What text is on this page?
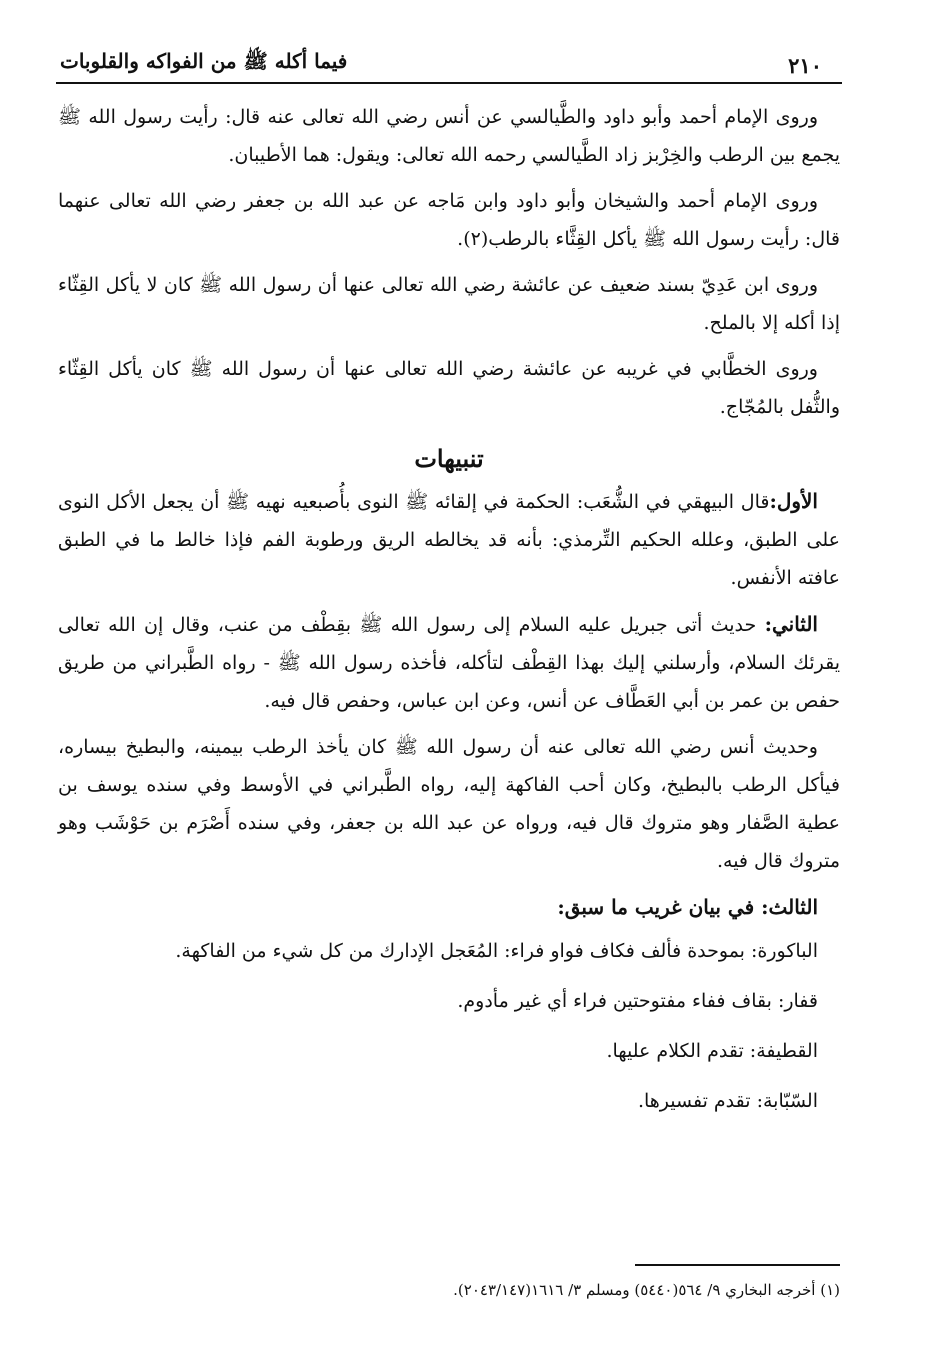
٢١٠
فيما أكله ﷺ من الفواكه والقلوبات

وروى الإمام أحمد وأبو داود والطَّيالسي عن أنس رضي الله تعالى عنه قال: رأيت رسول الله ﷺ يجمع بين الرطب والخِرْبز زاد الطَّيالسي رحمه الله تعالى: ويقول: هما الأطيبان.

وروى الإمام أحمد والشيخان وأبو داود وابن مَاجه عن عبد الله بن جعفر رضي الله تعالى عنهما قال: رأيت رسول الله ﷺ يأكل القِثَّاء بالرطب(٢).

وروى ابن عَدِيّ بسند ضعيف عن عائشة رضي الله تعالى عنها أن رسول الله ﷺ كان لا يأكل القِثّاء إذا أكله إلا بالملح.

وروى الخطَّابي في غريبه عن عائشة رضي الله تعالى عنها أن رسول الله ﷺ كان يأكل القِثّاء والثُّفل بالمُجّاج.

تنبيهات

الأول:قال البيهقي في الشُّعَب: الحكمة في إلقائه ﷺ النوى بأُصبعيه نهيه ﷺ أن يجعل الأكل النوى على الطبق، وعلله الحكيم التِّرمذي: بأنه قد يخالطه الريق ورطوبة الفم فإذا خالط ما في الطبق عافته الأنفس.

الثاني: حديث أتى جبريل عليه السلام إلى رسول الله ﷺ بقِطْف من عنب، وقال إن الله تعالى يقرئك السلام، وأرسلني إليك بهذا القِطْف لتأكله، فأخذه رسول الله ﷺ - رواه الطَّبراني من طريق حفص بن عمر بن أبي العَطَّاف عن أنس، وعن ابن عباس، وحفص قال فيه.

وحديث أنس رضي الله تعالى عنه أن رسول الله ﷺ كان يأخذ الرطب بيمينه، والبطيخ بيساره، فيأكل الرطب بالبطيخ، وكان أحب الفاكهة إليه، رواه الطَّبراني في الأوسط وفي سنده يوسف بن عطية الصَّفار وهو متروك قال فيه، ورواه عن عبد الله بن جعفر، وفي سنده أَصْرَم بن حَوْشَب وهو متروك قال فيه.

الثالث: في بيان غريب ما سبق:
الباكورة: بموحدة فألف فكاف فواو فراء: المُعَجل الإدارك من كل شيء من الفاكهة.
قفار: بقاف ففاء مفتوحتين فراء أي غير مأدوم.
القطيفة: تقدم الكلام عليها.
السّبّابة: تقدم تفسيرها.
(١) أخرجه البخاري ٩/ ٥٦٤(٥٤٤٠) ومسلم ٣/ ١٦١٦(٢٠٤٣/١٤٧).
